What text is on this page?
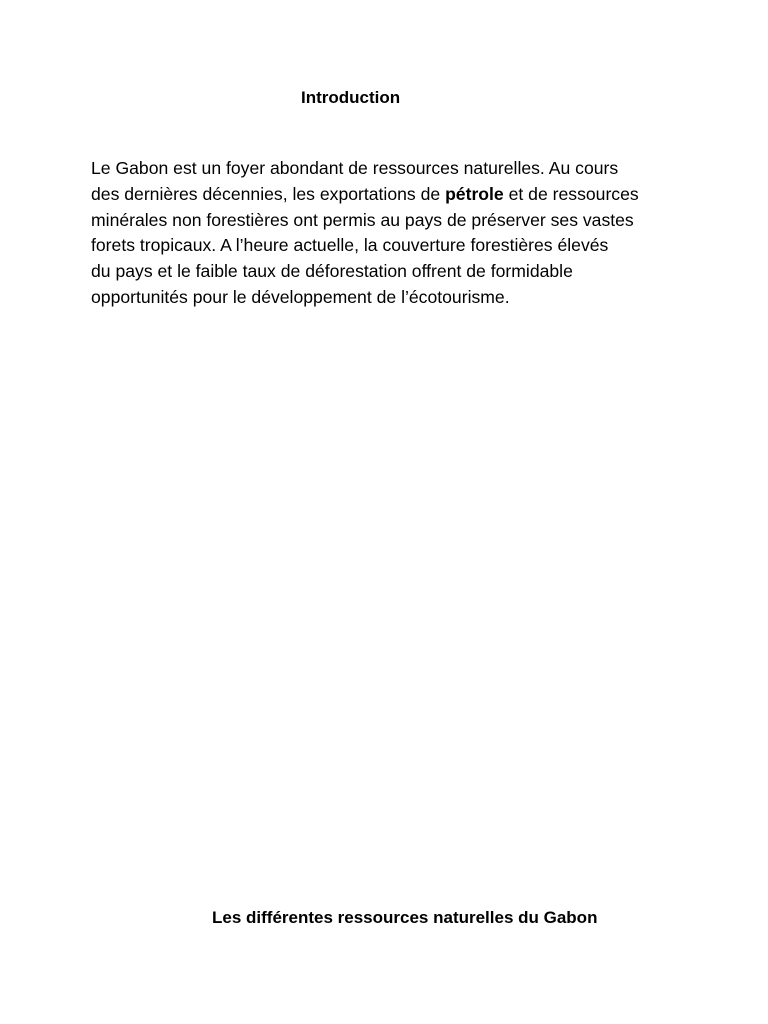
Introduction
Le Gabon est un foyer abondant de ressources naturelles. Au cours
des dernières décennies, les exportations de pétrole et de ressources
minérales non forestières ont permis au pays de préserver ses vastes
forets tropicaux. A l’heure actuelle, la couverture forestières élevés
du pays et le faible taux de déforestation offrent de formidable
opportunités pour le développement de l’écotourisme.
Les différentes ressources naturelles du Gabon
